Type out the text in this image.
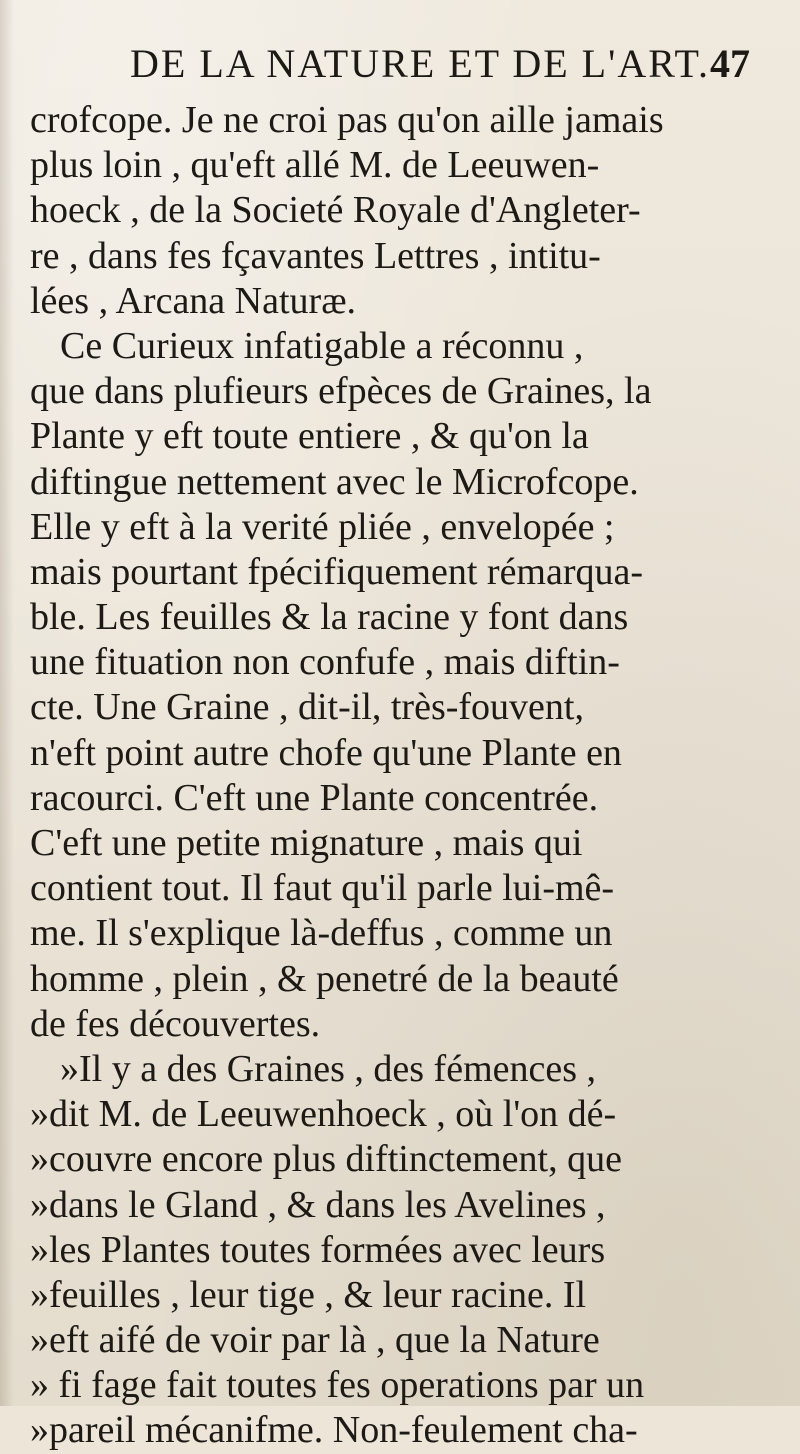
DE LA NATURE ET DE L'ART. 47
crofcope. Je ne croi pas qu'on aille jamais
plus loin , qu'eft allé M. de Leeuwen-
hoeck , de la Societé Royale d'Angleter-
re , dans fes fçavantes Lettres , intitu-
lées , Arcana Naturæ.
Ce Curieux infatigable a réconnu ,
que dans plufieurs efpèces de Graines, la
Plante y eft toute entiere , & qu'on la
diftingue nettement avec le Microfcope.
Elle y eft à la verité pliée , envelopée ;
mais pourtant fpécifiquement rémarqua-
ble. Les feuilles & la racine y font dans
une fituation non confufe , mais diftin-
cte. Une Graine , dit-il, très-fouvent,
n'eft point autre chofe qu'une Plante en
racourci. C'eft une Plante concentrée.
C'eft une petite mignature , mais qui
contient tout. Il faut qu'il parle lui-mê-
me. Il s'explique là-deffus , comme un
homme , plein , & penetré de la beauté
de fes découvertes.
»Il y a des Graines , des fémences ,
»dit M. de Leeuwenhoeck , où l'on dé-
»couvre encore plus diftinctement, que
»dans le Gland , & dans les Avelines ,
»les Plantes toutes formées avec leurs
»feuilles , leur tige , & leur racine. Il
»eft aifé de voir par là , que la Nature
» fi fage fait toutes fes operations par un
»pareil mécanifme. Non-feulement cha-
